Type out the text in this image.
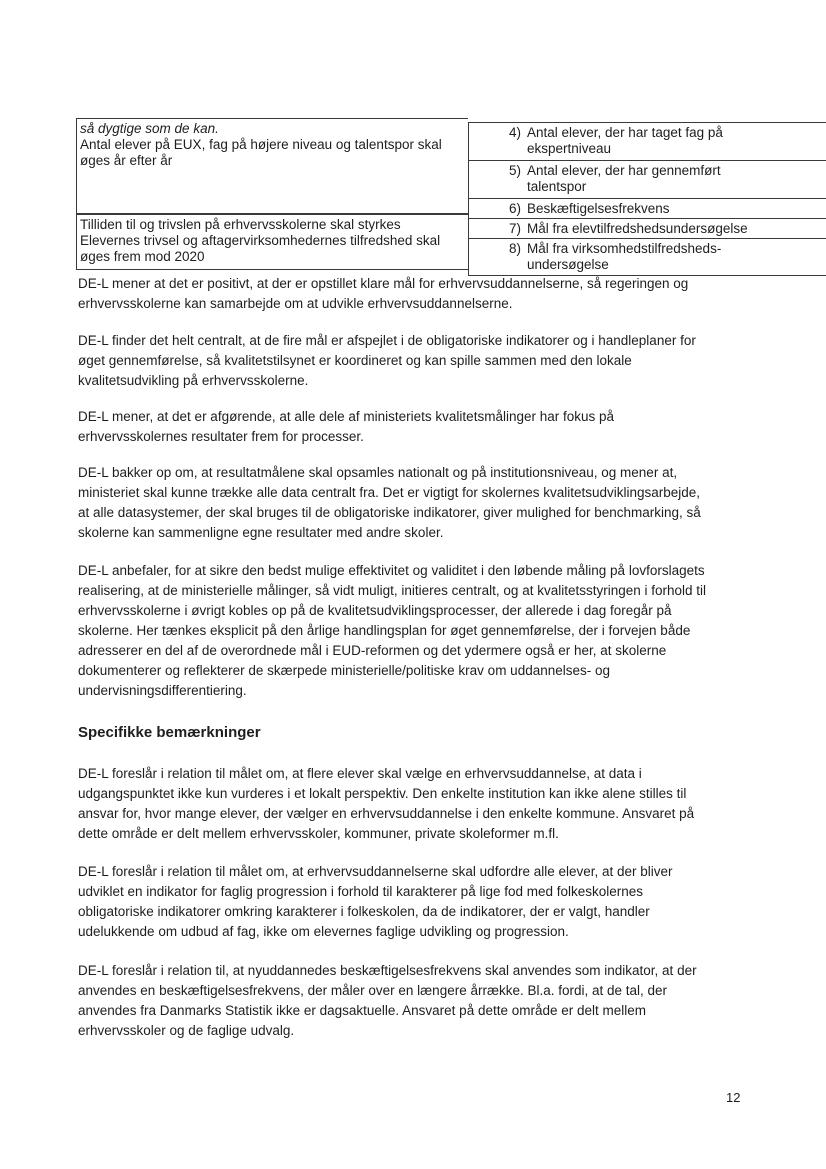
så dygtige som de kan.
Antal elever på EUX, fag på højere niveau og talentspor skal
øges år efter år
Tilliden til og trivslen på erhvervsskolerne skal styrkes
Elevernes trivsel og aftagervirksomhedernes tilfredshed skal
øges frem mod 2020
4) Antal elever, der har taget fag på
ekspertniveau
5) Antal elever, der har gennemført
talentspor
6) Beskæftigelsesfrekvens
7) Mål fra elevtilfredshedsundersøgelse
8) Mål fra virksomhedstilfredsheds-
undersøgelse
DE-L mener at det er positivt, at der er opstillet klare mål for erhvervsuddannelserne, så regeringen og
erhvervsskolerne kan samarbejde om at udvikle erhvervsuddannelserne.
DE-L finder det helt centralt, at de fire mål er afspejlet i de obligatoriske indikatorer og i handleplaner for
øget gennemførelse, så kvalitetstilsynet er koordineret og kan spille sammen med den lokale
kvalitetsudvikling på erhvervsskolerne.
DE-L mener, at det er afgørende, at alle dele af ministeriets kvalitetsmålinger har fokus på
erhvervsskolernes resultater frem for processer.
DE-L bakker op om, at resultatmålene skal opsamles nationalt og på institutionsniveau, og mener at,
ministeriet skal kunne trække alle data centralt fra. Det er vigtigt for skolernes kvalitetsudviklingsarbejde,
at alle datasystemer, der skal bruges til de obligatoriske indikatorer, giver mulighed for benchmarking, så
skolerne kan sammenligne egne resultater med andre skoler.
DE-L anbefaler, for at sikre den bedst mulige effektivitet og validitet i den løbende måling på lovforslagets
realisering, at de ministerielle målinger, så vidt muligt, initieres centralt, og at kvalitetsstyringen i forhold til
erhvervsskolerne i øvrigt kobles op på de kvalitetsudviklingsprocesser, der allerede i dag foregår på
skolerne. Her tænkes eksplicit på den årlige handlingsplan for øget gennemførelse, der i forvejen både
adresserer en del af de overordnede mål i EUD-reformen og det ydermere også er her, at skolerne
dokumenterer og reflekterer de skærpede ministerielle/politiske krav om uddannelses- og
undervisningsdifferentiering.
Specifikke bemærkninger
DE-L foreslår i relation til målet om, at flere elever skal vælge en erhvervsuddannelse, at data i
udgangspunktet ikke kun vurderes i et lokalt perspektiv. Den enkelte institution kan ikke alene stilles til
ansvar for, hvor mange elever, der vælger en erhvervsuddannelse i den enkelte kommune. Ansvaret på
dette område er delt mellem erhvervsskoler, kommuner, private skoleformer m.fl.
DE-L foreslår i relation til målet om, at erhvervsuddannelserne skal udfordre alle elever, at der bliver
udviklet en indikator for faglig progression i forhold til karakterer på lige fod med folkeskolernes
obligatoriske indikatorer omkring karakterer i folkeskolen, da de indikatorer, der er valgt, handler
udelukkende om udbud af fag, ikke om elevernes faglige udvikling og progression.
DE-L foreslår i relation til, at nyuddannedes beskæftigelsesfrekvens skal anvendes som indikator, at der
anvendes en beskæftigelsesfrekvens, der måler over en længere årrække. Bl.a. fordi, at de tal, der
anvendes fra Danmarks Statistik ikke er dagsaktuelle. Ansvaret på dette område er delt mellem
erhvervsskoler og de faglige udvalg.
12
